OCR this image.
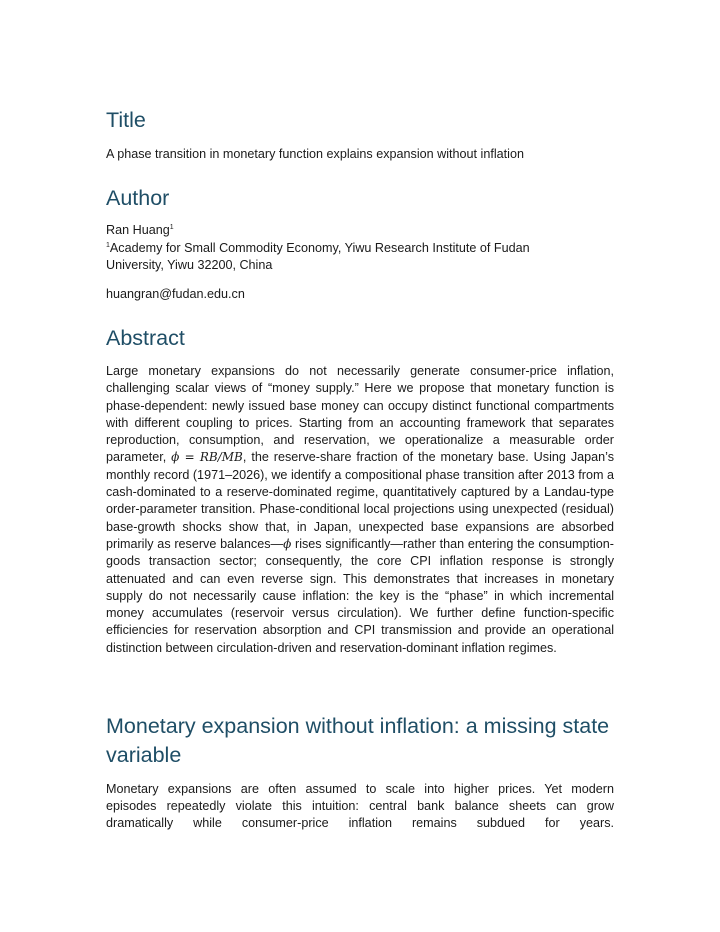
Title

A phase transition in monetary function explains expansion without inflation

Author

Ran Huang$^1$

$^1$Academy for Small Commodity Economy, Yiwu Research Institute of Fudan University, Yiwu 32200, China

huangran@fudan.edu.cn

Abstract

Large monetary expansions do not necessarily generate consumer-price inflation, challenging scalar views of “money supply.” Here we propose that monetary function is phase-dependent: newly issued base money can occupy distinct functional compartments with different coupling to prices. Starting from an accounting framework that separates reproduction, consumption, and reservation, we operationalize a measurable order parameter, ϕ = RB/MB, the reserve-share fraction of the monetary base. Using Japan’s monthly record (1971–2026), we identify a compositional phase transition after 2013 from a cash-dominated to a reserve-dominated regime, quantitatively captured by a Landau-type order-parameter transition. Phase-conditional local projections using unexpected (residual) base-growth shocks show that, in Japan, unexpected base expansions are absorbed primarily as reserve balances—ϕ rises significantly—rather than entering the consumption-goods transaction sector; consequently, the core CPI inflation response is strongly attenuated and can even reverse sign. This demonstrates that increases in monetary supply do not necessarily cause inflation: the key is the “phase” in which incremental money accumulates (reservoir versus circulation). We further define function-specific efficiencies for reservation absorption and CPI transmission and provide an operational distinction between circulation-driven and reservation-dominant inflation regimes.

Monetary expansion without inflation: a missing state variable

Monetary expansions are often assumed to scale into higher prices. Yet modern

episodes repeatedly violate this intuition: central bank balance sheets can grow

dramatically while consumer-price inflation remains subdued for years.
